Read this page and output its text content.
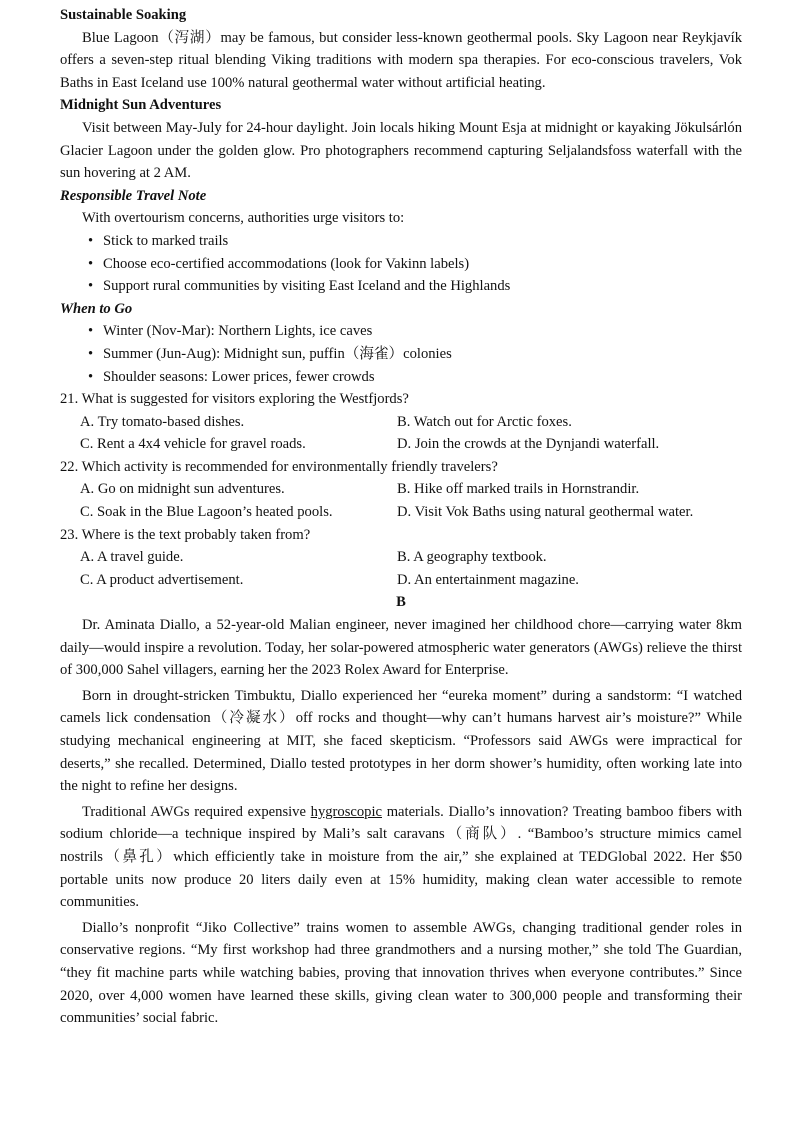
Sustainable Soaking

Blue Lagoon（泻湖）may be famous, but consider less-known geothermal pools. Sky Lagoon near Reykjavík offers a seven-step ritual blending Viking traditions with modern spa therapies. For eco-conscious travelers, Vok Baths in East Iceland use 100% natural geothermal water without artificial heating.

Midnight Sun Adventures

Visit between May-July for 24-hour daylight. Join locals hiking Mount Esja at midnight or kayaking Jökulsárlón Glacier Lagoon under the golden glow. Pro photographers recommend capturing Seljalandsfoss waterfall with the sun hovering at 2 AM.

Responsible Travel Note
With overtourism concerns, authorities urge visitors to:
• Stick to marked trails
• Choose eco-certified accommodations (look for Vakinn labels)
• Support rural communities by visiting East Iceland and the Highlands
When to Go
• Winter (Nov-Mar): Northern Lights, ice caves
• Summer (Jun-Aug): Midnight sun, puffin（海雀）colonies
• Shoulder seasons: Lower prices, fewer crowds
21. What is suggested for visitors exploring the Westfjords?
A. Try tomato-based dishes.	B. Watch out for Arctic foxes.
C. Rent a 4x4 vehicle for gravel roads.	D. Join the crowds at the Dynjandi waterfall.
22. Which activity is recommended for environmentally friendly travelers?
A. Go on midnight sun adventures.	B. Hike off marked trails in Hornstrandir.
C. Soak in the Blue Lagoon’s heated pools.	D. Visit Vok Baths using natural geothermal water.
23. Where is the text probably taken from?
A. A travel guide.	B. A geography textbook.
C. A product advertisement.	D. An entertainment magazine.
B

Dr. Aminata Diallo, a 52-year-old Malian engineer, never imagined her childhood chore—carrying water 8km daily—would inspire a revolution. Today, her solar-powered atmospheric water generators (AWGs) relieve the thirst of 300,000 Sahel villagers, earning her the 2023 Rolex Award for Enterprise.

Born in drought-stricken Timbuktu, Diallo experienced her “eureka moment” during a sandstorm: “I watched camels lick condensation（冷凝水）off rocks and thought—why can’t humans harvest air’s moisture?” While studying mechanical engineering at MIT, she faced skepticism. “Professors said AWGs were impractical for deserts,” she recalled. Determined, Diallo tested prototypes in her dorm shower’s humidity, often working late into the night to refine her designs.

Traditional AWGs required expensive hygroscopic materials. Diallo’s innovation? Treating bamboo fibers with sodium chloride—a technique inspired by Mali’s salt caravans（商队）. “Bamboo’s structure mimics camel nostrils（鼻孔）which efficiently take in moisture from the air,” she explained at TEDGlobal 2022. Her $50 portable units now produce 20 liters daily even at 15% humidity, making clean water accessible to remote communities.

Diallo’s nonprofit “Jiko Collective” trains women to assemble AWGs, changing traditional gender roles in conservative regions. “My first workshop had three grandmothers and a nursing mother,” she told The Guardian, “they fit machine parts while watching babies, proving that innovation thrives when everyone contributes.” Since 2020, over 4,000 women have learned these skills, giving clean water to 300,000 people and transforming their communities’ social fabric.
